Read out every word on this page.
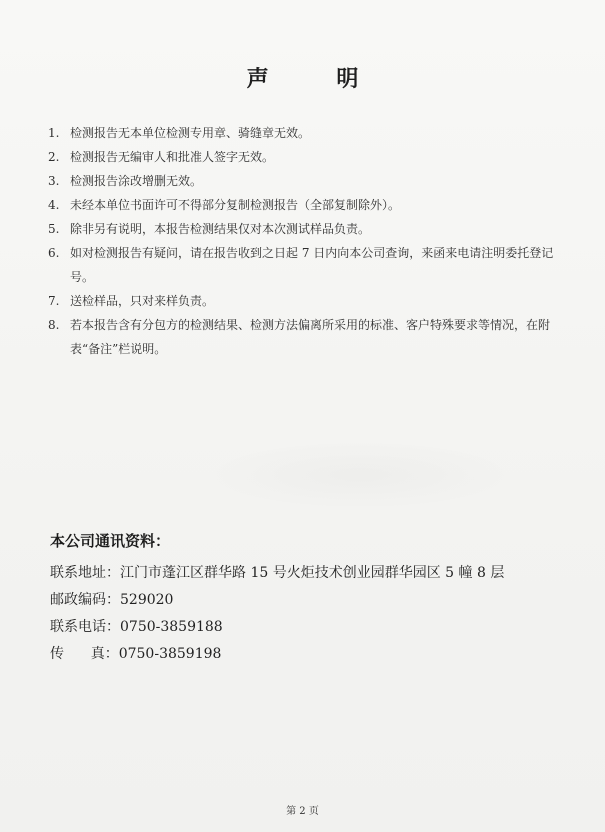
声 明
1. 检测报告无本单位检测专用章、骑缝章无效。
2. 检测报告无编审人和批准人签字无效。
3. 检测报告涂改增删无效。
4. 未经本单位书面许可不得部分复制检测报告（全部复制除外）。
5. 除非另有说明，本报告检测结果仅对本次测试样品负责。
6. 如对检测报告有疑问，请在报告收到之日起 7 日内向本公司查询，来函来电请注明委托登记号。
7. 送检样品，只对来样负责。
8. 若本报告含有分包方的检测结果、检测方法偏离所采用的标准、客户特殊要求等情况，在附表“备注”栏说明。
本公司通讯资料：
联系地址： 江门市蓬江区群华路 15 号火炬技术创业园群华园区 5 幢 8 层
邮政编码： 529020
联系电话： 0750-3859188
传      真： 0750-3859198
第 2 页
